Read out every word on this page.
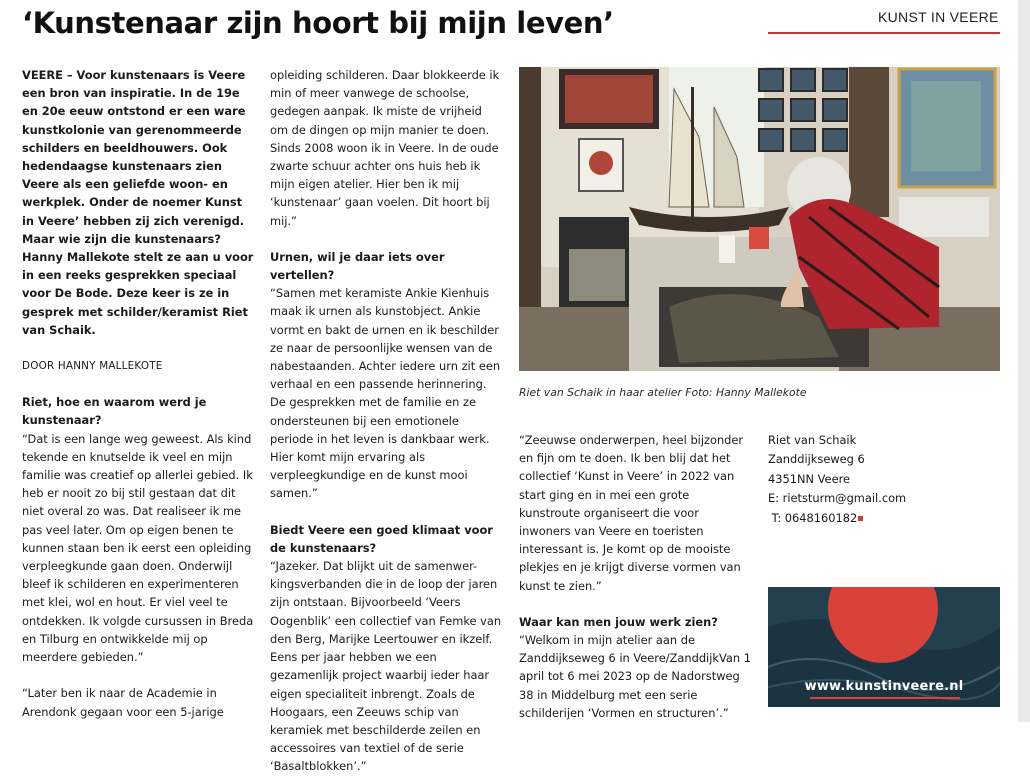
‘Kunstenaar zijn hoort bij mijn leven’	KUNST IN VEERE

VEERE – Voor kunstenaars is Veere een bron van inspiratie. In de 19e en 20e eeuw ontstond er een ware kunstkolonie van gerenommeerde schilders en beeldhouwers. Ook hedendaagse kunstenaars zien Veere als een geliefde woon- en werkplek. Onder de noemer Kunst in Veere’ hebben zij zich verenigd. Maar wie zijn die kunstenaars?Hanny Mallekote stelt ze aan u voor in een reeks gesprekken speciaal voor De Bode. Deze keer is ze in gesprek met schilder/keramist Riet van Schaik.

DOOR HANNY MALLEKOTE

Riet, hoe en waarom werd je kunstenaar?

“Dat is een lange weg geweest. Als kind tekende en knutselde ik veel en mijn familie was creatief op allerlei gebied. Ik heb er nooit zo bij stil gestaan dat dit niet overal zo was. Dat realiseer ik me pas veel later. Om op eigen benen te kunnen staan ben ik eerst een opleiding verpleegkunde gaan doen. Onderwijl bleef ik schilderen en experimenteren met klei, wol en hout. Er viel veel te ontdekken. Ik volgde cursussen in Breda en Tilburg en ontwikkelde mij op meerdere gebieden.”

“Later ben ik naar de Academie in Arendonk gegaan voor een 5-jarige

opleiding schilderen. Daar blokkeerde ik min of meer vanwege de schoolse, gedegen aanpak. Ik miste de vrijheid om de dingen op mijn manier te doen. Sinds 2008 woon ik in Veere. In de oude zwarte schuur achter ons huis heb ik mijn eigen atelier. Hier ben ik mij ‘kunstenaar’ gaan voelen. Dit hoort bij mij.”

Urnen, wil je daar iets over vertellen?

“Samen met keramiste Ankie Kienhuis maak ik urnen als kunstobject. Ankie vormt en bakt de urnen en ik beschilder ze naar de persoonlijke wensen van de nabestaanden. Achter iedere urn zit een verhaal en een passende herinnering. De gesprekken met de familie en ze ondersteunen bij een emotionele periode in het leven is dankbaar werk. Hier komt mijn ervaring als verpleegkundige en de kunst mooi samen.”

Biedt Veere een goed klimaat voor de kunstenaars?

“Jazeker. Dat blijkt uit de samenwer-kingsverbanden die in de loop der jaren zijn ontstaan. Bijvoorbeeld ‘Veers Oogenblik’ een collectief van Femke van den Berg, Marijke Leertouwer en ikzelf. Eens per jaar hebben we een gezamenlijk project waarbij ieder haar eigen specialiteit inbrengt. Zoals de Hoogaars, een Zeeuws schip van keramiek met beschilderde zeilen en accessoires van textiel of de serie ‘Basaltblokken’.”

Riet van Schaik in haar atelier Foto: Hanny Mallekote

“Zeeuwse onderwerpen, heel bijzonder en fijn om te doen. Ik ben blij dat het collectief ‘Kunst in Veere’ in 2022 van start ging en in mei een grote kunstroute organiseert die voor inwoners van Veere en toeristen interessant is. Je komt op de mooiste plekjes en je krijgt diverse vormen van kunst te zien.”

Waar kan men jouw werk zien?

“Welkom in mijn atelier aan de Zanddijkseweg 6 in Veere/ZanddijkVan 1 april tot 6 mei 2023 op de Nadorstweg 38 in Middelburg met een serie schilderijen ‘Vormen en structuren’.”

Riet van Schaik

Zanddijkseweg 6

4351NN Veere

E: rietsturm@gmail.com

T: 0648160182

www.kunstinveere.nl
